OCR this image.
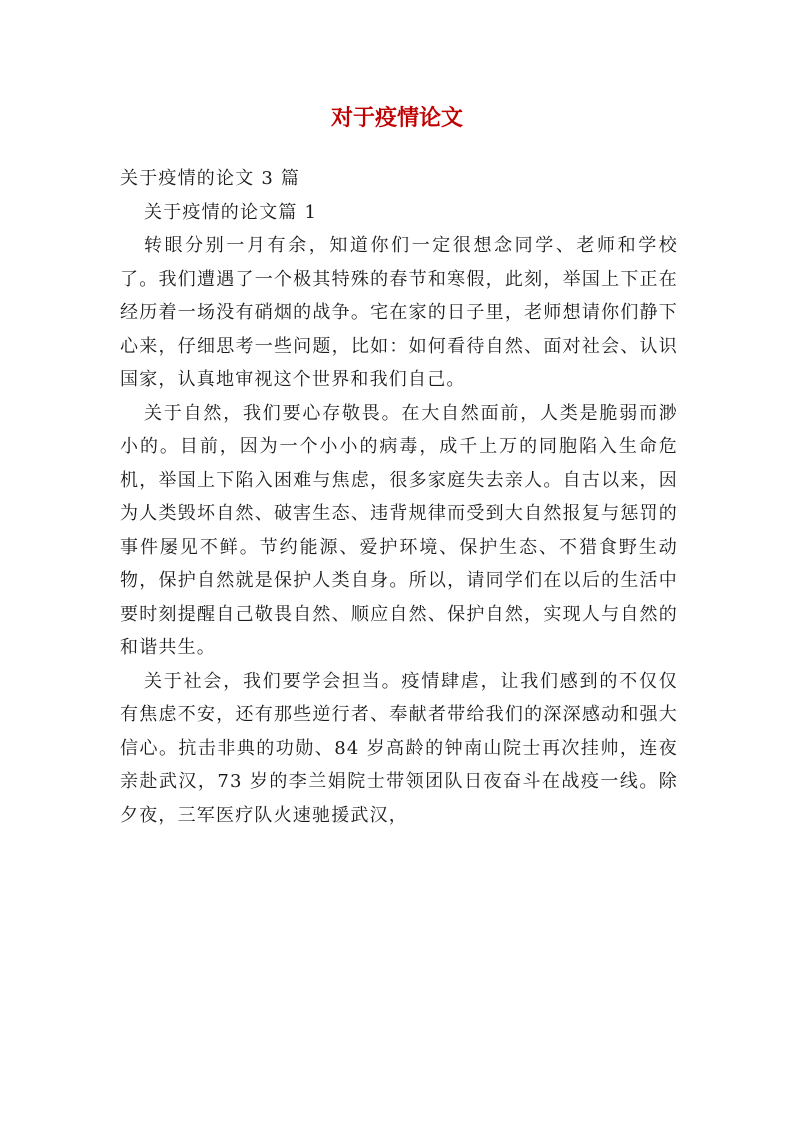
对于疫情论文

关于疫情的论文 3 篇

关于疫情的论文篇 1

转眼分别一月有余，知道你们一定很想念同学、老师和学校了。我们遭遇了一个极其特殊的春节和寒假，此刻，举国上下正在经历着一场没有硝烟的战争。宅在家的日子里，老师想请你们静下心来，仔细思考一些问题，比如：如何看待自然、面对社会、认识国家，认真地审视这个世界和我们自己。

关于自然，我们要心存敬畏。在大自然面前，人类是脆弱而渺小的。目前，因为一个小小的病毒，成千上万的同胞陷入生命危机，举国上下陷入困难与焦虑，很多家庭失去亲人。自古以来，因为人类毁坏自然、破害生态、违背规律而受到大自然报复与惩罚的事件屡见不鲜。节约能源、爱护环境、保护生态、不猎食野生动物，保护自然就是保护人类自身。所以，请同学们在以后的生活中要时刻提醒自己敬畏自然、顺应自然、保护自然，实现人与自然的和谐共生。

关于社会，我们要学会担当。疫情肆虐，让我们感到的不仅仅有焦虑不安，还有那些逆行者、奉献者带给我们的深深感动和强大信心。抗击非典的功勋、84 岁高龄的钟南山院士再次挂帅，连夜亲赴武汉，73 岁的李兰娟院士带领团队日夜奋斗在战疫一线。除夕夜，三军医疗队火速驰援武汉，
